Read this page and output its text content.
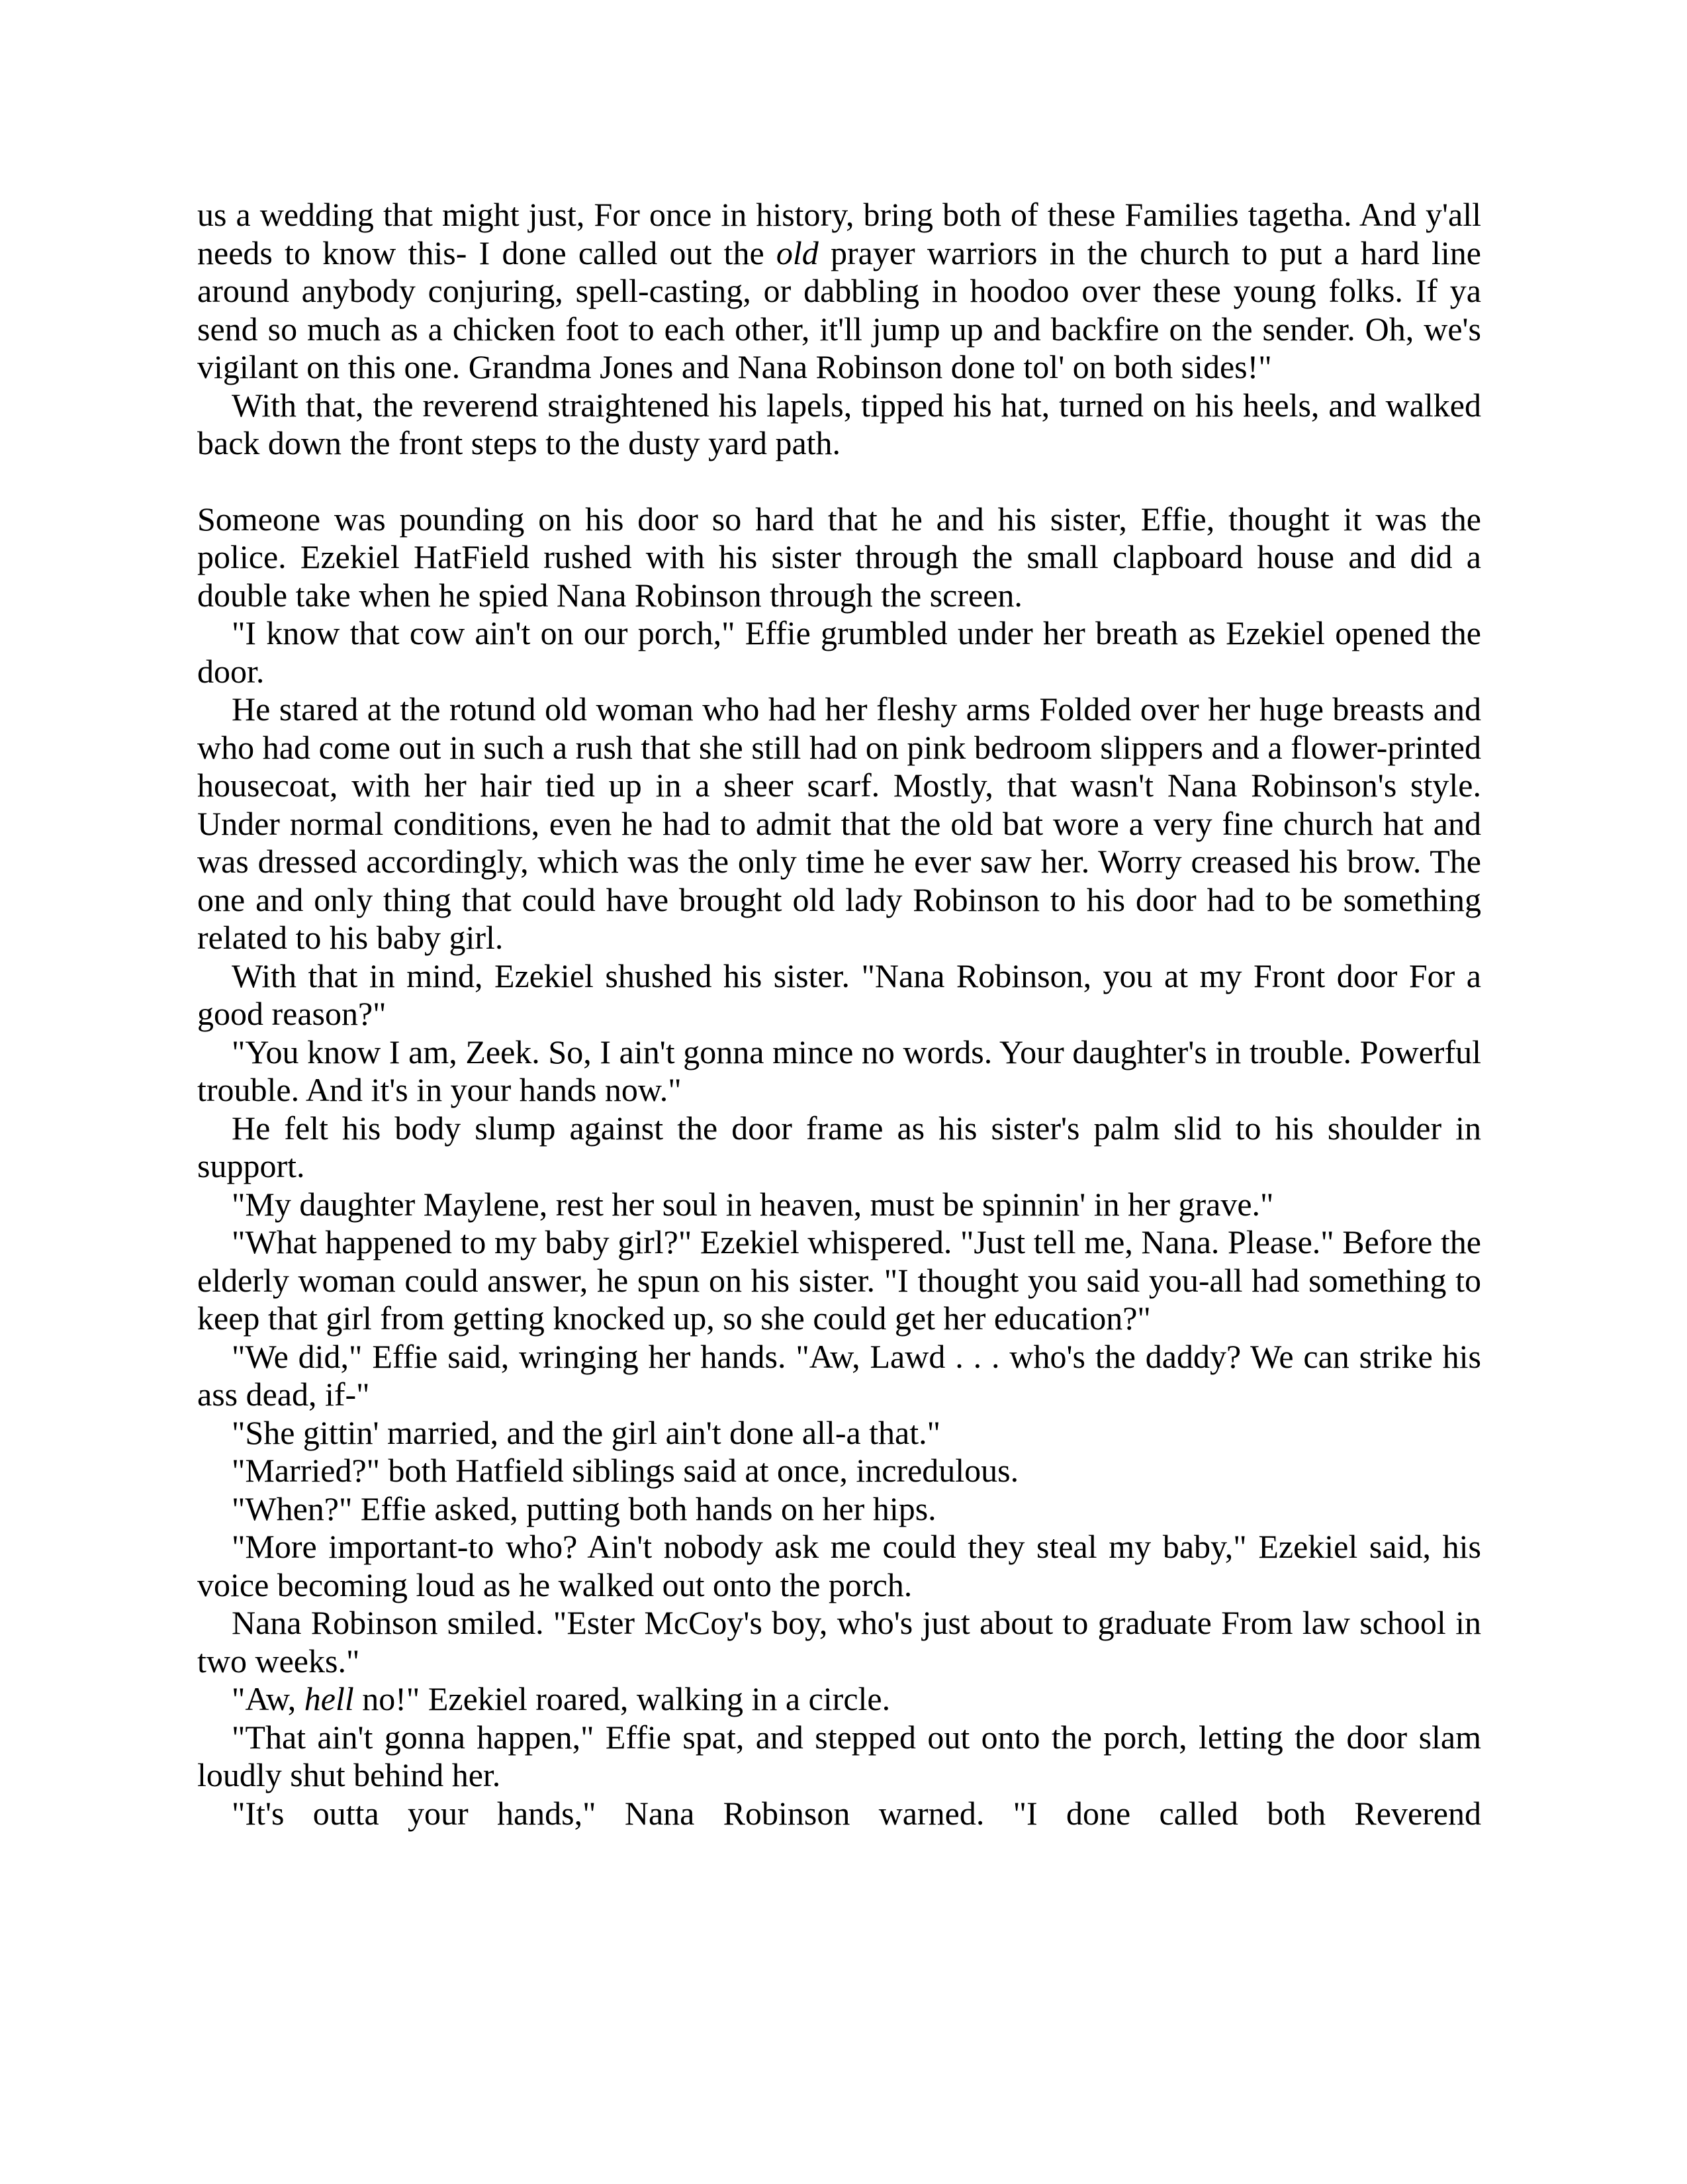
us a wedding that might just, For once in history, bring both of these Families tagetha. And y'all needs to know this- I done called out the old prayer warriors in the church to put a hard line around anybody conjuring, spell-casting, or dabbling in hoodoo over these young folks. If ya send so much as a chicken foot to each other, it'll jump up and backfire on the sender. Oh, we's vigilant on this one. Grandma Jones and Nana Robinson done tol' on both sides!"

With that, the reverend straightened his lapels, tipped his hat, turned on his heels, and walked back down the front steps to the dusty yard path.

Someone was pounding on his door so hard that he and his sister, Effie, thought it was the police. Ezekiel HatField rushed with his sister through the small clapboard house and did a double take when he spied Nana Robinson through the screen.

"I know that cow ain't on our porch," Effie grumbled under her breath as Ezekiel opened the door.

He stared at the rotund old woman who had her fleshy arms Folded over her huge breasts and who had come out in such a rush that she still had on pink bedroom slippers and a flower-printed housecoat, with her hair tied up in a sheer scarf. Mostly, that wasn't Nana Robinson's style. Under normal conditions, even he had to admit that the old bat wore a very fine church hat and was dressed accordingly, which was the only time he ever saw her. Worry creased his brow. The one and only thing that could have brought old lady Robinson to his door had to be something related to his baby girl.

With that in mind, Ezekiel shushed his sister. "Nana Robinson, you at my Front door For a good reason?"

"You know I am, Zeek. So, I ain't gonna mince no words. Your daughter's in trouble. Powerful trouble. And it's in your hands now."

He felt his body slump against the door frame as his sister's palm slid to his shoulder in support.

"My daughter Maylene, rest her soul in heaven, must be spinnin' in her grave."

"What happened to my baby girl?" Ezekiel whispered. "Just tell me, Nana. Please." Before the elderly woman could answer, he spun on his sister. "I thought you said you-all had something to keep that girl from getting knocked up, so she could get her education?"

"We did," Effie said, wringing her hands. "Aw, Lawd . . . who's the daddy? We can strike his ass dead, if-"

"She gittin' married, and the girl ain't done all-a that."

"Married?" both Hatfield siblings said at once, incredulous.

"When?" Effie asked, putting both hands on her hips.

"More important-to who? Ain't nobody ask me could they steal my baby," Ezekiel said, his voice becoming loud as he walked out onto the porch.

Nana Robinson smiled. "Ester McCoy's boy, who's just about to graduate From law school in two weeks."

"Aw, hell no!" Ezekiel roared, walking in a circle.

"That ain't gonna happen," Effie spat, and stepped out onto the porch, letting the door slam loudly shut behind her.

"It's outta your hands," Nana Robinson warned. "I done called both Reverend
